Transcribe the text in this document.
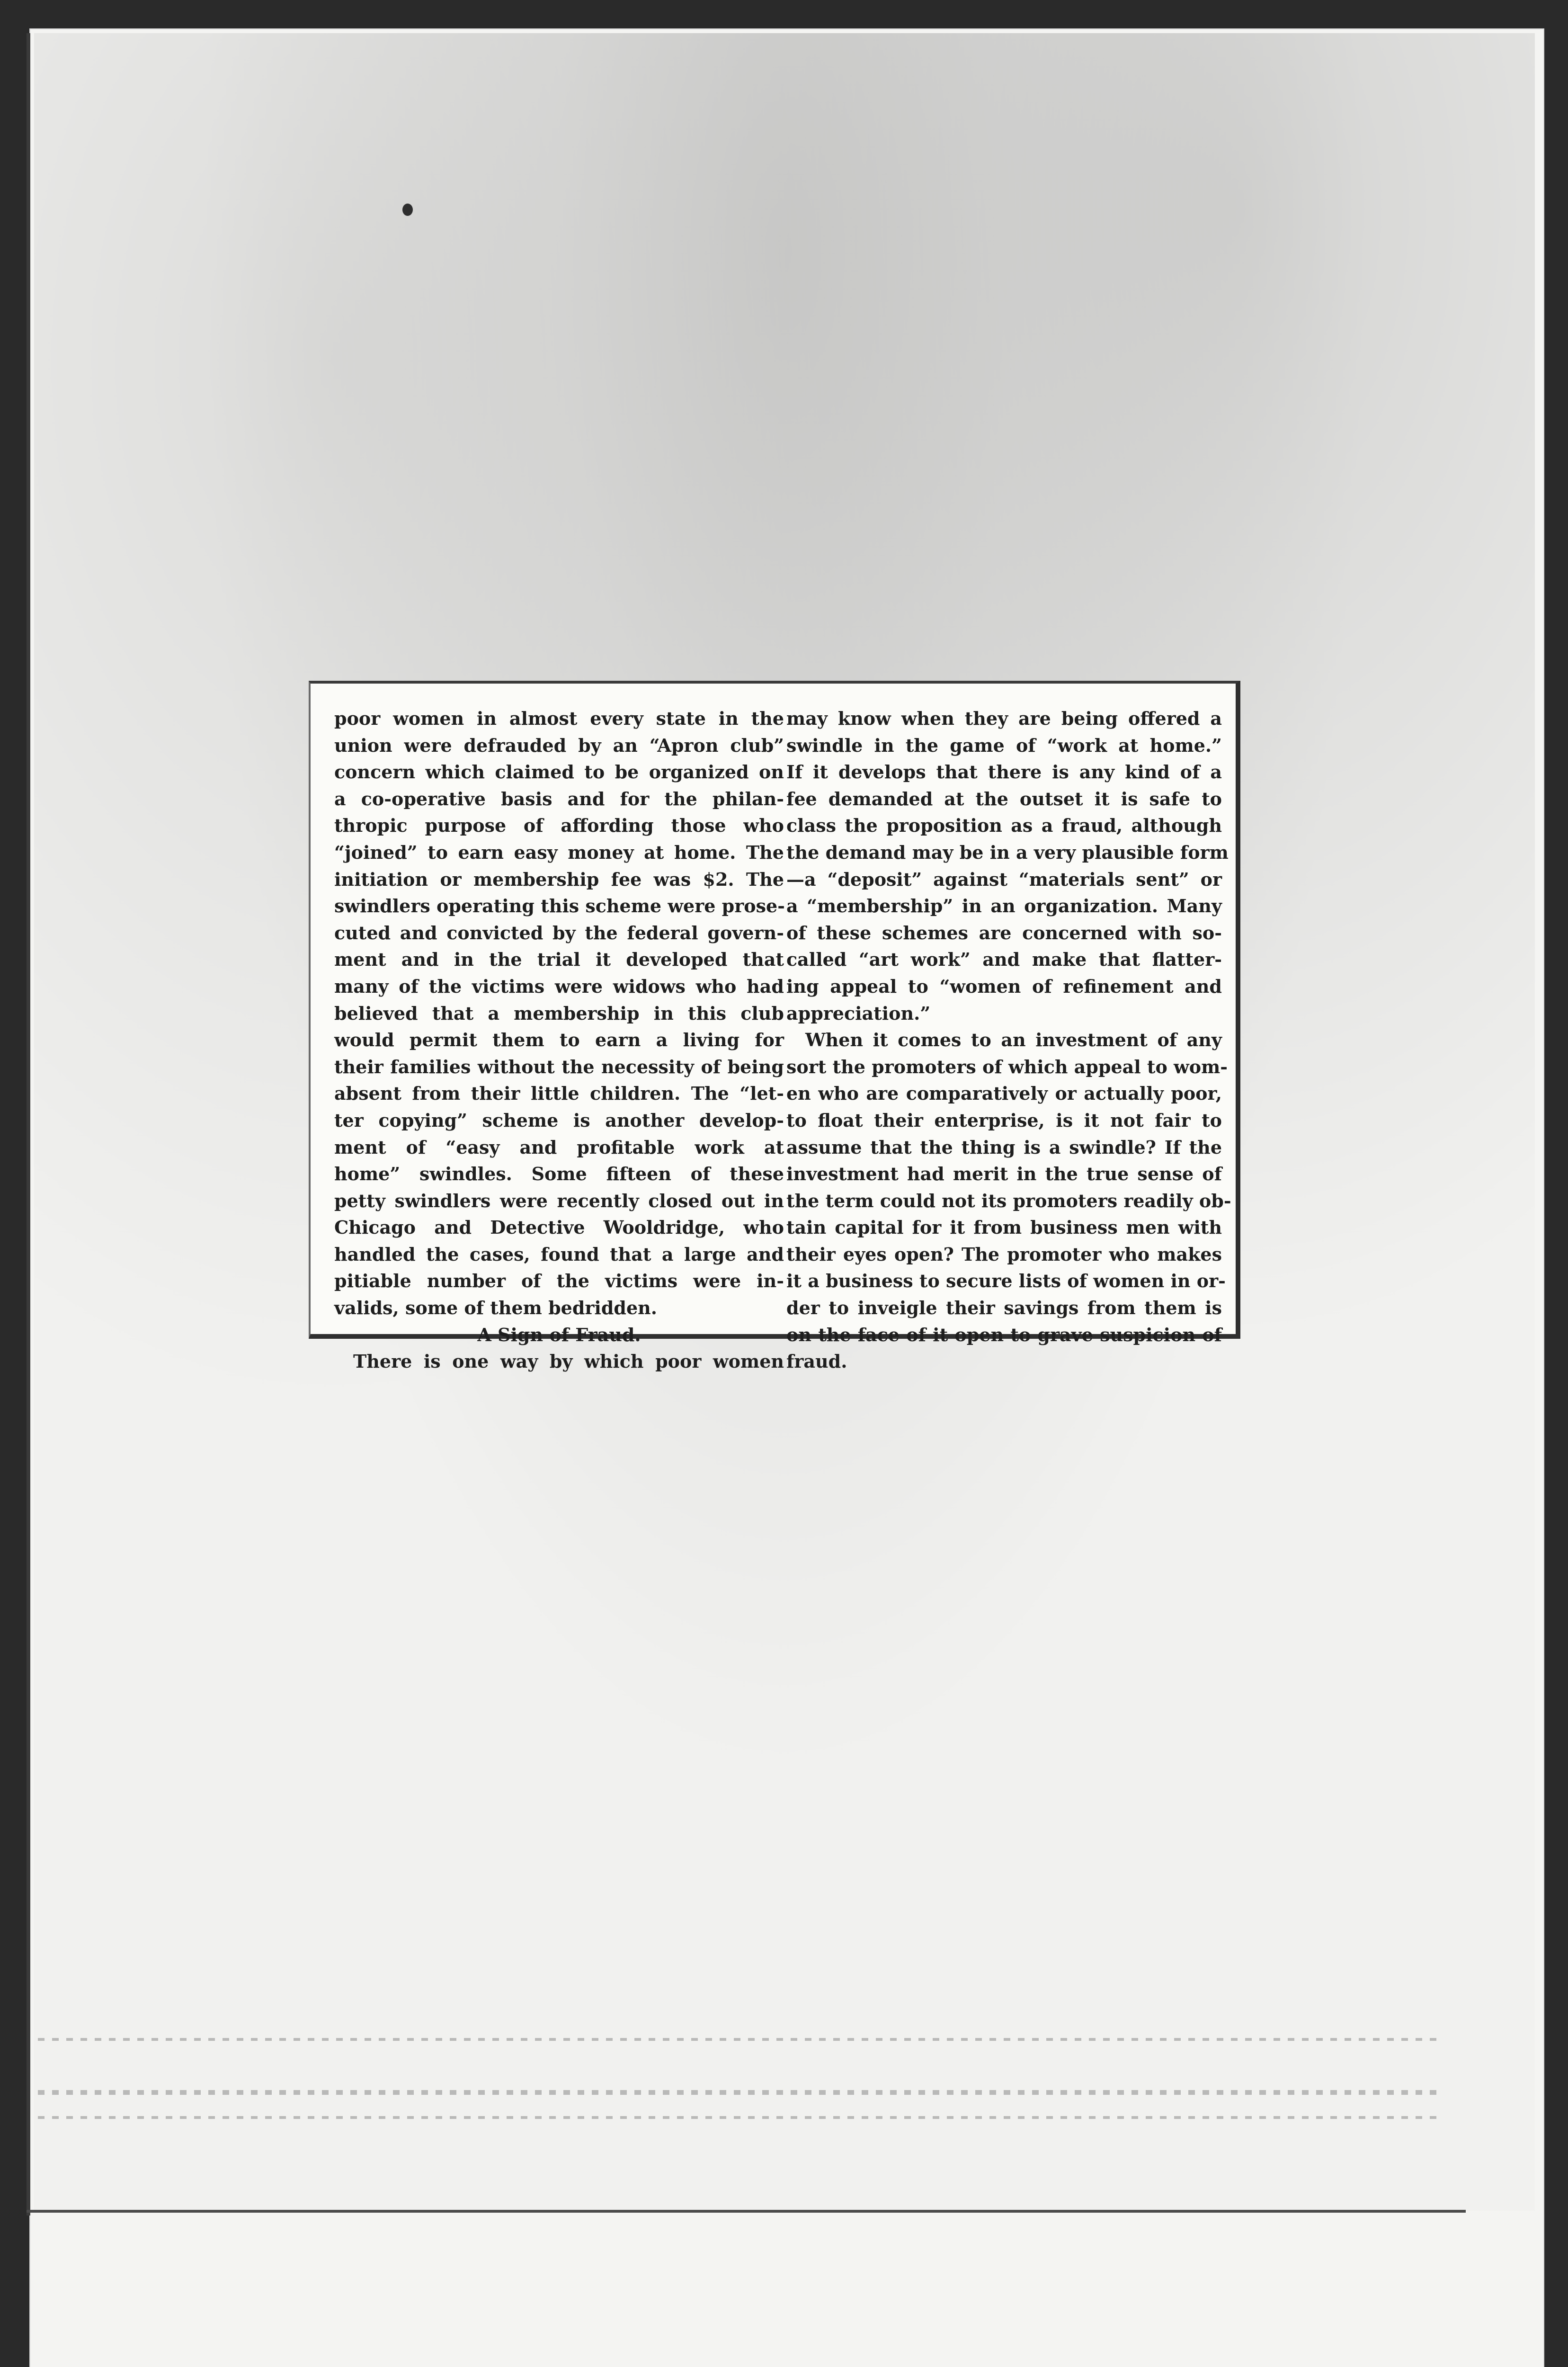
poor women in almost every state in the
union were defrauded by an “Apron club”
concern which claimed to be organized on
a co-operative basis and for the philan-
thropic purpose of affording those who
“joined” to earn easy money at home. The
initiation or membership fee was $2. The
swindlers operating this scheme were prose-
cuted and convicted by the federal govern-
ment and in the trial it developed that
many of the victims were widows who had
believed that a membership in this club
would permit them to earn a living for
their families without the necessity of being
absent from their little children. The “let-
ter copying” scheme is another develop-
ment of “easy and profitable work at
home” swindles. Some fifteen of these
petty swindlers were recently closed out in
Chicago and Detective Wooldridge, who
handled the cases, found that a large and
pitiable number of the victims were in-
valids, some of them bedridden.
A Sign of Fraud.
There is one way by which poor women
may know when they are being offered a
swindle in the game of “work at home.”
If it develops that there is any kind of a
fee demanded at the outset it is safe to
class the proposition as a fraud, although
the demand may be in a very plausible form
—a “deposit” against “materials sent” or
a “membership” in an organization. Many
of these schemes are concerned with so-
called “art work” and make that flatter-
ing appeal to “women of refinement and
appreciation.”
When it comes to an investment of any
sort the promoters of which appeal to wom-
en who are comparatively or actually poor,
to float their enterprise, is it not fair to
assume that the thing is a swindle? If the
investment had merit in the true sense of
the term could not its promoters readily ob-
tain capital for it from business men with
their eyes open? The promoter who makes
it a business to secure lists of women in or-
der to inveigle their savings from them is
on the face of it open to grave suspicion of
fraud.
